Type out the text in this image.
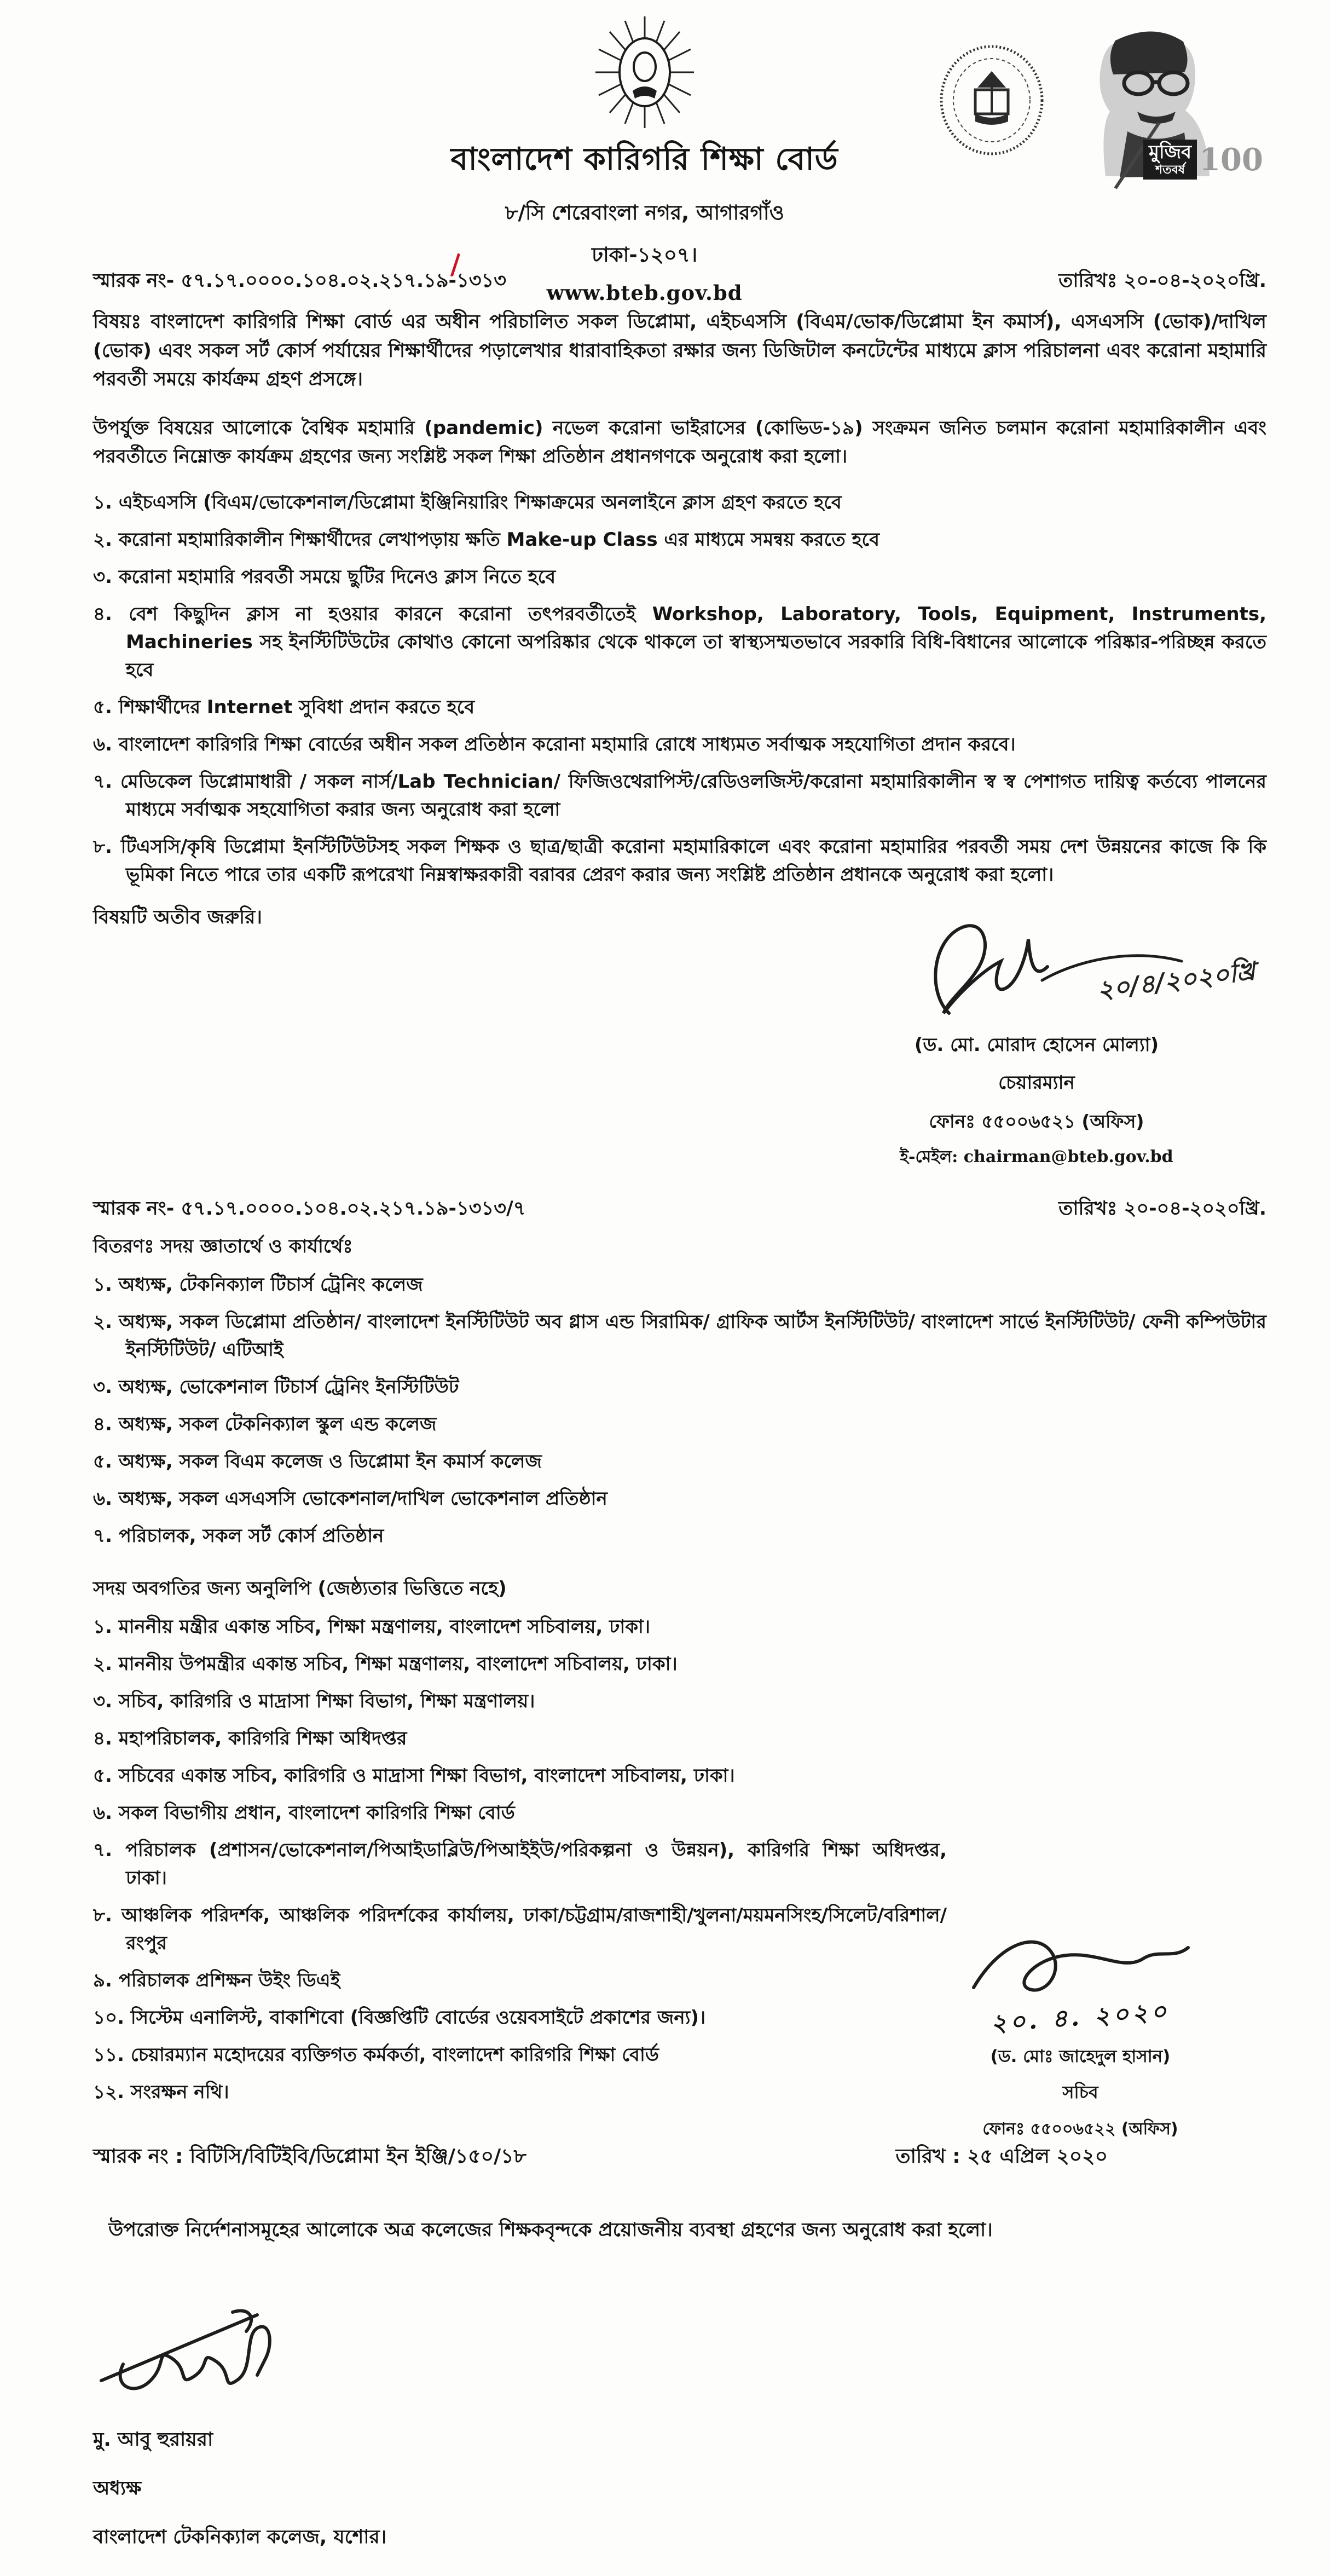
বাংলাদেশ কারিগরি শিক্ষা বোর্ড
৮/সি শেরেবাংলা নগর, আগারগাঁও
ঢাকা-১২০৭।
www.bteb.gov.bd
মুজিব
শতবর্ষ 100
স্মারক নং- ৫৭.১৭.০০০০.১০৪.০২.২১৭.১৯-১৩১৩	তারিখঃ ২০-০৪-২০২০খ্রি.
বিষয়ঃ বাংলাদেশ কারিগরি শিক্ষা বোর্ড এর অধীন পরিচালিত সকল ডিপ্লোমা, এইচএসসি (বিএম/ভোক/ডিপ্লোমা ইন কমার্স), এসএসসি (ভোক)/দাখিল (ভোক) এবং সকল সর্ট কোর্স পর্যায়ের শিক্ষার্থীদের পড়ালেখার ধারাবাহিকতা রক্ষার জন্য ডিজিটাল কনটেন্টের মাধ্যমে ক্লাস পরিচালনা এবং করোনা মহামারি পরবর্তী সময়ে কার্যক্রম গ্রহণ প্রসঙ্গে।
উপর্যুক্ত বিষয়ের আলোকে বৈশ্বিক মহামারি (pandemic) নভেল করোনা ভাইরাসের (কোভিড-১৯) সংক্রমন জনিত চলমান করোনা মহামারিকালীন এবং পরবর্তীতে নিম্নোক্ত কার্যক্রম গ্রহণের জন্য সংশ্লিষ্ট সকল শিক্ষা প্রতিষ্ঠান প্রধানগণকে অনুরোধ করা হলো।
১. এইচএসসি (বিএম/ভোকেশনাল/ডিপ্লোমা ইঞ্জিনিয়ারিং শিক্ষাক্রমের অনলাইনে ক্লাস গ্রহণ করতে হবে
২. করোনা মহামারিকালীন শিক্ষার্থীদের লেখাপড়ায় ক্ষতি Make-up Class এর মাধ্যমে সমন্বয় করতে হবে
৩. করোনা মহামারি পরবর্তী সময়ে ছুটির দিনেও ক্লাস নিতে হবে
৪. বেশ কিছুদিন ক্লাস না হওয়ার কারনে করোনা তৎপরবর্তীতেই Workshop, Laboratory, Tools, Equipment, Instruments, Machineries সহ ইনস্টিটিউটের কোথাও কোনো অপরিষ্কার থেকে থাকলে তা স্বাস্থ্যসম্মতভাবে সরকারি বিধি-বিধানের আলোকে পরিষ্কার-পরিচ্ছন্ন করতে হবে
৫. শিক্ষার্থীদের Internet সুবিধা প্রদান করতে হবে
৬. বাংলাদেশ কারিগরি শিক্ষা বোর্ডের অধীন সকল প্রতিষ্ঠান করোনা মহামারি রোধে সাধ্যমত সর্বাত্মক সহযোগিতা প্রদান করবে।
৭. মেডিকেল ডিপ্লোমাধারী / সকল নার্স/Lab Technician/ ফিজিওথেরাপিস্ট/রেডিওলজিস্ট/করোনা মহামারিকালীন স্ব স্ব পেশাগত দায়িত্ব কর্তব্যে পালনের মাধ্যমে সর্বাত্মক সহযোগিতা করার জন্য অনুরোধ করা হলো
৮. টিএসসি/কৃষি ডিপ্লোমা ইনস্টিটিউটসহ সকল শিক্ষক ও ছাত্র/ছাত্রী করোনা মহামারিকালে এবং করোনা মহামারির পরবর্তী সময় দেশ উন্নয়নের কাজে কি কি ভূমিকা নিতে পারে তার একটি রূপরেখা নিম্নস্বাক্ষরকারী বরাবর প্রেরণ করার জন্য সংশ্লিষ্ট প্রতিষ্ঠান প্রধানকে অনুরোধ করা হলো।
বিষয়টি অতীব জরুরি।
২০/৪/২০২০খ্রি
(ড. মো. মোরাদ হোসেন মোল্যা)
চেয়ারম্যান
ফোনঃ ৫৫০০৬৫২১ (অফিস)
ই-মেইল: chairman@bteb.gov.bd
স্মারক নং- ৫৭.১৭.০০০০.১০৪.০২.২১৭.১৯-১৩১৩/৭	তারিখঃ ২০-০৪-২০২০খ্রি.
বিতরণঃ সদয় জ্ঞাতার্থে ও কার্যার্থেঃ
১. অধ্যক্ষ, টেকনিক্যাল টিচার্স ট্রেনিং কলেজ
২. অধ্যক্ষ, সকল ডিপ্লোমা প্রতিষ্ঠান/ বাংলাদেশ ইনস্টিটিউট অব গ্লাস এন্ড সিরামিক/ গ্রাফিক আর্টস ইনস্টিটিউট/ বাংলাদেশ সার্ভে ইনস্টিটিউট/ ফেনী কম্পিউটার ইনস্টিটিউট/ এটিআই
৩. অধ্যক্ষ, ভোকেশনাল টিচার্স ট্রেনিং ইনস্টিটিউট
৪. অধ্যক্ষ, সকল টেকনিক্যাল স্কুল এন্ড কলেজ
৫. অধ্যক্ষ, সকল বিএম কলেজ ও ডিপ্লোমা ইন কমার্স কলেজ
৬. অধ্যক্ষ, সকল এসএসসি ভোকেশনাল/দাখিল ভোকেশনাল প্রতিষ্ঠান
৭. পরিচালক, সকল সর্ট কোর্স প্রতিষ্ঠান
সদয় অবগতির জন্য অনুলিপি (জেষ্ঠ্যতার ভিত্তিতে নহে)
১. মাননীয় মন্ত্রীর একান্ত সচিব, শিক্ষা মন্ত্রণালয়, বাংলাদেশ সচিবালয়, ঢাকা।
২. মাননীয় উপমন্ত্রীর একান্ত সচিব, শিক্ষা মন্ত্রণালয়, বাংলাদেশ সচিবালয়, ঢাকা।
৩. সচিব, কারিগরি ও মাদ্রাসা শিক্ষা বিভাগ, শিক্ষা মন্ত্রণালয়।
৪. মহাপরিচালক, কারিগরি শিক্ষা অধিদপ্তর
৫. সচিবের একান্ত সচিব, কারিগরি ও মাদ্রাসা শিক্ষা বিভাগ, বাংলাদেশ সচিবালয়, ঢাকা।
৬. সকল বিভাগীয় প্রধান, বাংলাদেশ কারিগরি শিক্ষা বোর্ড
৭. পরিচালক (প্রশাসন/ভোকেশনাল/পিআইডাব্লিউ/পিআইইউ/পরিকল্পনা ও উন্নয়ন), কারিগরি শিক্ষা অধিদপ্তর, ঢাকা।
৮. আঞ্চলিক পরিদর্শক, আঞ্চলিক পরিদর্শকের কার্যালয়, ঢাকা/চট্টগ্রাম/রাজশাহী/খুলনা/ময়মনসিংহ/সিলেট/বরিশাল/রংপুর
৯. পরিচালক প্রশিক্ষন উইং ডিএই
১০. সিস্টেম এনালিস্ট, বাকাশিবো (বিজ্ঞপ্তিটি বোর্ডের ওয়েবসাইটে প্রকাশের জন্য)।
১১. চেয়ারম্যান মহোদয়ের ব্যক্তিগত কর্মকর্তা, বাংলাদেশ কারিগরি শিক্ষা বোর্ড
১২. সংরক্ষন নথি।
২০. ৪. ২০২০
(ড. মোঃ জাহেদুল হাসান)
সচিব
ফোনঃ ৫৫০০৬৫২২ (অফিস)
স্মারক নং : বিটিসি/বিটিইবি/ডিপ্লোমা ইন ইঞ্জি/১৫০/১৮	তারিখ : ২৫ এপ্রিল ২০২০
উপরোক্ত নির্দেশনাসমূহের আলোকে অত্র কলেজের শিক্ষকবৃন্দকে প্রয়োজনীয় ব্যবস্থা গ্রহণের জন্য অনুরোধ করা হলো।
মু. আবু হুরায়রা
অধ্যক্ষ
বাংলাদেশ টেকনিক্যাল কলেজ, যশোর।
